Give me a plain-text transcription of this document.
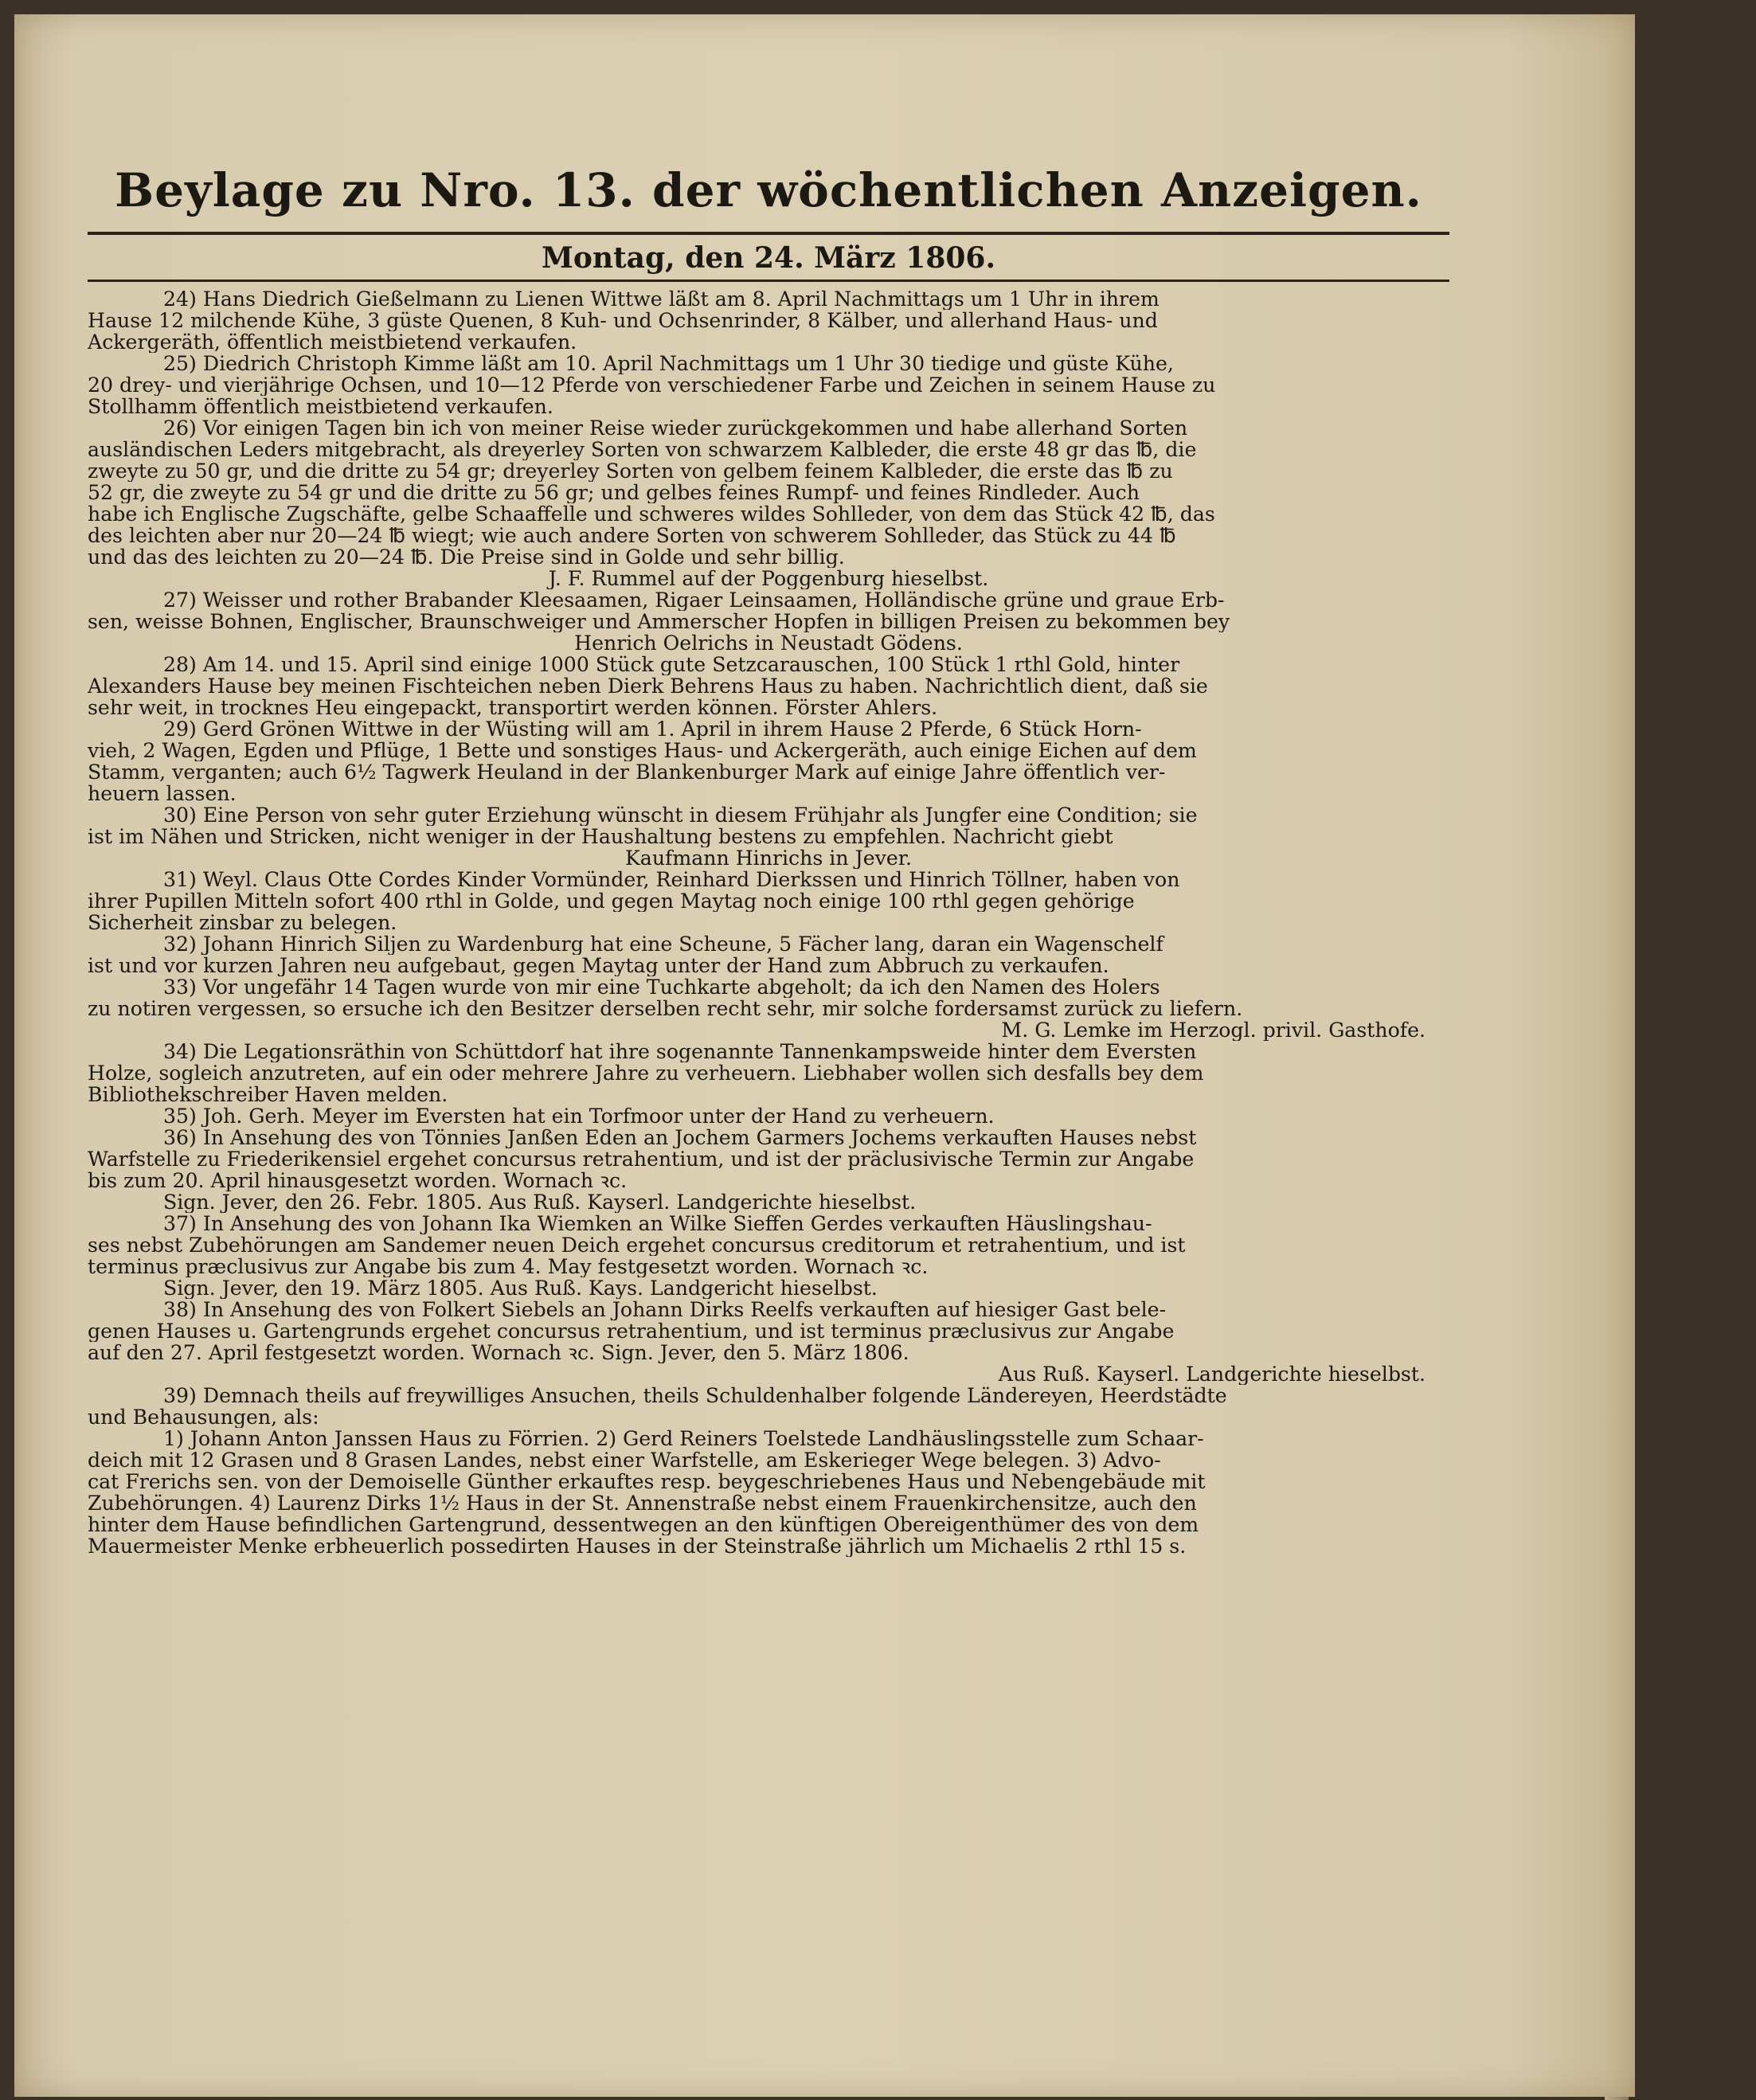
Beylage zu Nro. 13. der wöchentlichen Anzeigen.
Montag, den 24. März 1806.
24) Hans Diedrich Gießelmann zu Lienen Wittwe läßt am 8. April Nachmittags um 1 Uhr in ihrem
Hause 12 milchende Kühe, 3 güste Quenen, 8 Kuh- und Ochsenrinder, 8 Kälber, und allerhand Haus- und
Ackergeräth, öffentlich meistbietend verkaufen.
25) Diedrich Christoph Kimme läßt am 10. April Nachmittags um 1 Uhr 30 tiedige und güste Kühe,
20 drey- und vierjährige Ochsen, und 10—12 Pferde von verschiedener Farbe und Zeichen in seinem Hause zu
Stollhamm öffentlich meistbietend verkaufen.
26) Vor einigen Tagen bin ich von meiner Reise wieder zurückgekommen und habe allerhand Sorten
ausländischen Leders mitgebracht, als dreyerley Sorten von schwarzem Kalbleder, die erste 48 gr das ℔, die
zweyte zu 50 gr, und die dritte zu 54 gr; dreyerley Sorten von gelbem feinem Kalbleder, die erste das ℔ zu
52 gr, die zweyte zu 54 gr und die dritte zu 56 gr; und gelbes feines Rumpf- und feines Rindleder. Auch
habe ich Englische Zugschäfte, gelbe Schaaffelle und schweres wildes Sohlleder, von dem das Stück 42 ℔, das
des leichten aber nur 20—24 ℔ wiegt; wie auch andere Sorten von schwerem Sohlleder, das Stück zu 44 ℔
und das des leichten zu 20—24 ℔. Die Preise sind in Golde und sehr billig.
J. F. Rummel auf der Poggenburg hieselbst.
27) Weisser und rother Brabander Kleesaamen, Rigaer Leinsaamen, Holländische grüne und graue Erb-
sen, weisse Bohnen, Englischer, Braunschweiger und Ammerscher Hopfen in billigen Preisen zu bekommen bey
Henrich Oelrichs in Neustadt Gödens.
28) Am 14. und 15. April sind einige 1000 Stück gute Setzcarauschen, 100 Stück 1 rthl Gold, hinter
Alexanders Hause bey meinen Fischteichen neben Dierk Behrens Haus zu haben. Nachrichtlich dient, daß sie
sehr weit, in trocknes Heu eingepackt, transportirt werden können. Förster Ahlers.
29) Gerd Grönen Wittwe in der Wüsting will am 1. April in ihrem Hause 2 Pferde, 6 Stück Horn-
vieh, 2 Wagen, Egden und Pflüge, 1 Bette und sonstiges Haus- und Ackergeräth, auch einige Eichen auf dem
Stamm, verganten; auch 6½ Tagwerk Heuland in der Blankenburger Mark auf einige Jahre öffentlich ver-
heuern lassen.
30) Eine Person von sehr guter Erziehung wünscht in diesem Frühjahr als Jungfer eine Condition; sie
ist im Nähen und Stricken, nicht weniger in der Haushaltung bestens zu empfehlen. Nachricht giebt
Kaufmann Hinrichs in Jever.
31) Weyl. Claus Otte Cordes Kinder Vormünder, Reinhard Dierkssen und Hinrich Töllner, haben von
ihrer Pupillen Mitteln sofort 400 rthl in Golde, und gegen Maytag noch einige 100 rthl gegen gehörige
Sicherheit zinsbar zu belegen.
32) Johann Hinrich Siljen zu Wardenburg hat eine Scheune, 5 Fächer lang, daran ein Wagenschelf
ist und vor kurzen Jahren neu aufgebaut, gegen Maytag unter der Hand zum Abbruch zu verkaufen.
33) Vor ungefähr 14 Tagen wurde von mir eine Tuchkarte abgeholt; da ich den Namen des Holers
zu notiren vergessen, so ersuche ich den Besitzer derselben recht sehr, mir solche fordersamst zurück zu liefern.
M. G. Lemke im Herzogl. privil. Gasthofe.
34) Die Legationsräthin von Schüttdorf hat ihre sogenannte Tannenkampsweide hinter dem Eversten
Holze, sogleich anzutreten, auf ein oder mehrere Jahre zu verheuern. Liebhaber wollen sich desfalls bey dem
Bibliothekschreiber Haven melden.
35) Joh. Gerh. Meyer im Eversten hat ein Torfmoor unter der Hand zu verheuern.
36) In Ansehung des von Tönnies Janßen Eden an Jochem Garmers Jochems verkauften Hauses nebst
Warfstelle zu Friederikensiel ergehet concursus retrahentium, und ist der präclusivische Termin zur Angabe
bis zum 20. April hinausgesetzt worden. Wornach ꝛc.
Sign. Jever, den 26. Febr. 1805. Aus Ruß. Kayserl. Landgerichte hieselbst.
37) In Ansehung des von Johann Ika Wiemken an Wilke Sieffen Gerdes verkauften Häuslingshau-
ses nebst Zubehörungen am Sandemer neuen Deich ergehet concursus creditorum et retrahentium, und ist
terminus præclusivus zur Angabe bis zum 4. May festgesetzt worden. Wornach ꝛc.
Sign. Jever, den 19. März 1805. Aus Ruß. Kays. Landgericht hieselbst.
38) In Ansehung des von Folkert Siebels an Johann Dirks Reelfs verkauften auf hiesiger Gast bele-
genen Hauses u. Gartengrunds ergehet concursus retrahentium, und ist terminus præclusivus zur Angabe
auf den 27. April festgesetzt worden. Wornach ꝛc. Sign. Jever, den 5. März 1806.
Aus Ruß. Kayserl. Landgerichte hieselbst.
39) Demnach theils auf freywilliges Ansuchen, theils Schuldenhalber folgende Ländereyen, Heerdstädte
und Behausungen, als:
1) Johann Anton Janssen Haus zu Förrien. 2) Gerd Reiners Toelstede Landhäuslingsstelle zum Schaar-
deich mit 12 Grasen und 8 Grasen Landes, nebst einer Warfstelle, am Eskerieger Wege belegen. 3) Advo-
cat Frerichs sen. von der Demoiselle Günther erkauftes resp. beygeschriebenes Haus und Nebengebäude mit
Zubehörungen. 4) Laurenz Dirks 1½ Haus in der St. Annenstraße nebst einem Frauenkirchensitze, auch den
hinter dem Hause befindlichen Gartengrund, dessentwegen an den künftigen Obereigenthümer des von dem
Mauermeister Menke erbheuerlich possedirten Hauses in der Steinstraße jährlich um Michaelis 2 rthl 15 s.
